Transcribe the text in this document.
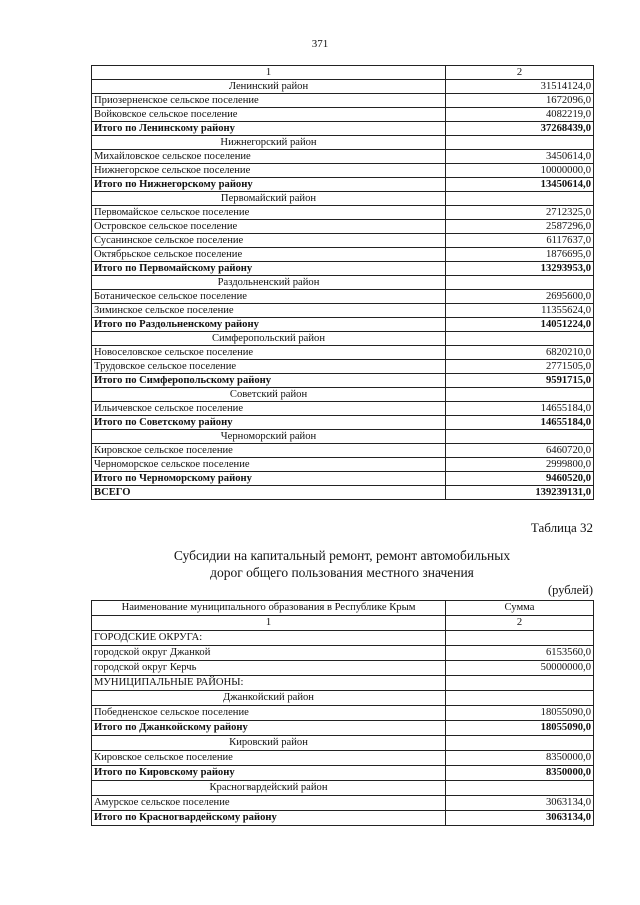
371
1	2
Ленинский район	31514124,0
Приозерненское сельское поселение	1672096,0
Войковское сельское поселение	4082219,0
Итого по Ленинскому району	37268439,0
Нижнегорский район	
Михайловское сельское поселение	3450614,0
Нижнегорское сельское поселение	10000000,0
Итого по Нижнегорскому району	13450614,0
Первомайский район	
Первомайское сельское поселение	2712325,0
Островское сельское поселение	2587296,0
Сусанинское сельское поселение	6117637,0
Октябрьское сельское поселение	1876695,0
Итого по Первомайскому району	13293953,0
Раздольненский район	
Ботаническое сельское поселение	2695600,0
Зиминское сельское поселение	11355624,0
Итого по Раздольненскому району	14051224,0
Симферопольский район	
Новоселовское сельское поселение	6820210,0
Трудовское сельское поселение	2771505,0
Итого по Симферопольскому району	9591715,0
Советский район	
Ильичевское сельское поселение	14655184,0
Итого по Советскому району	14655184,0
Черноморский район	
Кировское сельское поселение	6460720,0
Черноморское сельское поселение	2999800,0
Итого по Черноморскому району	9460520,0
ВСЕГО	139239131,0
Таблица 32
Субсидии на капитальный ремонт, ремонт автомобильных
дорог общего пользования местного значения
(рублей)
Наименование муниципального образования в Республике Крым	Сумма
1	2
ГОРОДСКИЕ ОКРУГА:	
городской округ Джанкой	6153560,0
городской округ Керчь	50000000,0
МУНИЦИПАЛЬНЫЕ РАЙОНЫ:	
Джанкойский район	
Победненское сельское поселение	18055090,0
Итого по Джанкойскому району	18055090,0
Кировский район	
Кировское сельское поселение	8350000,0
Итого по Кировскому району	8350000,0
Красногвардейский район	
Амурское сельское поселение	3063134,0
Итого по Красногвардейскому району	3063134,0
